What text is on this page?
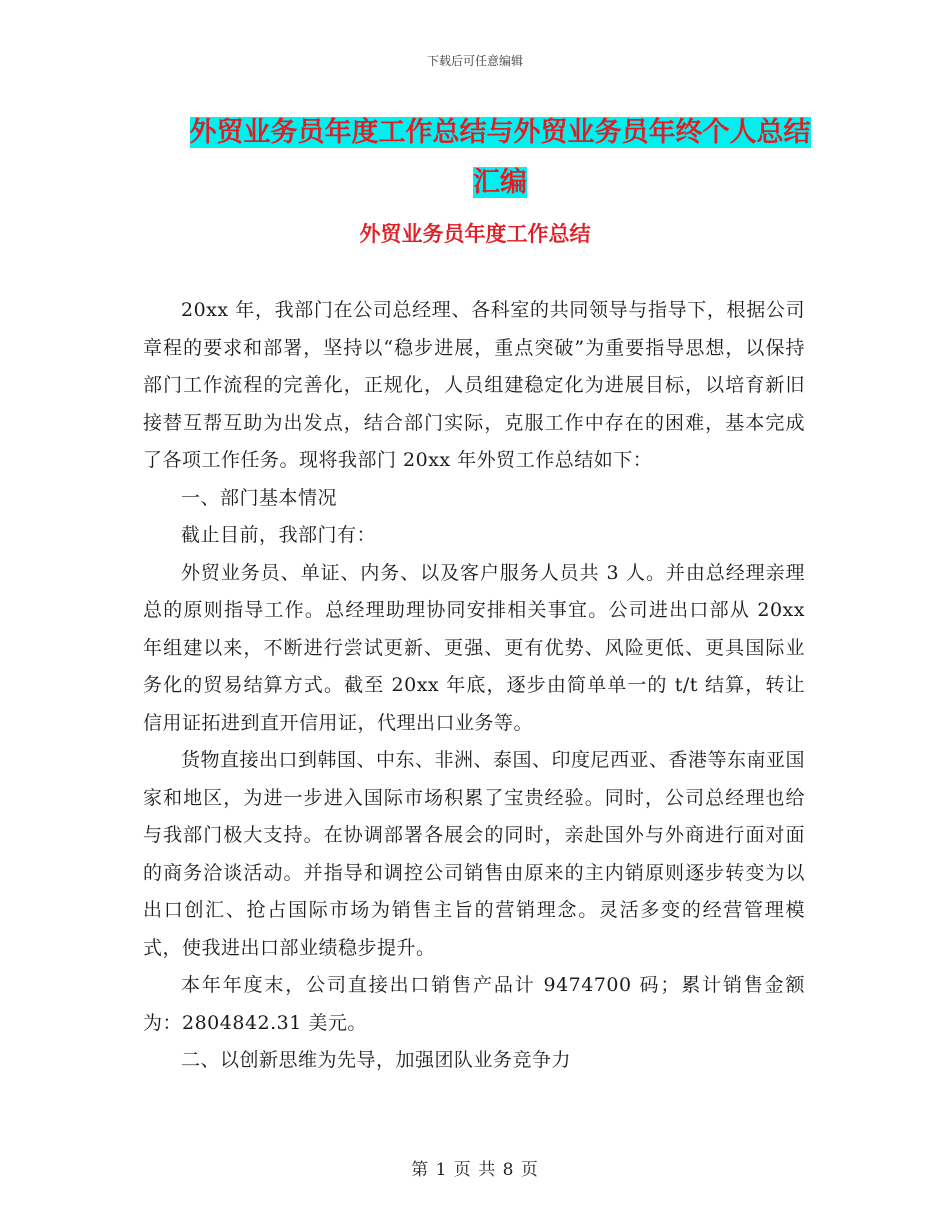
下载后可任意编辑
外贸业务员年度工作总结与外贸业务员年终个人总结
汇编
外贸业务员年度工作总结

20xx 年，我部门在公司总经理、各科室的共同领导与指导下，根据公司章程的要求和部署，坚持以“稳步进展，重点突破”为重要指导思想，以保持部门工作流程的完善化，正规化，人员组建稳定化为进展目标，以培育新旧接替互帮互助为出发点，结合部门实际，克服工作中存在的困难，基本完成了各项工作任务。现将我部门 20xx 年外贸工作总结如下：

一、部门基本情况

截止目前，我部门有：

外贸业务员、单证、内务、以及客户服务人员共 3 人。并由总经理亲理总的原则指导工作。总经理助理协同安排相关事宜。公司进出口部从 20xx 年组建以来，不断进行尝试更新、更强、更有优势、风险更低、更具国际业务化的贸易结算方式。截至 20xx 年底，逐步由简单单一的 t/t 结算，转让信用证拓进到直开信用证，代理出口业务等。

货物直接出口到韩国、中东、非洲、泰国、印度尼西亚、香港等东南亚国家和地区，为进一步进入国际市场积累了宝贵经验。同时，公司总经理也给与我部门极大支持。在协调部署各展会的同时，亲赴国外与外商进行面对面的商务洽谈活动。并指导和调控公司销售由原来的主内销原则逐步转变为以出口创汇、抢占国际市场为销售主旨的营销理念。灵活多变的经营管理模式，使我进出口部业绩稳步提升。

本年年度末，公司直接出口销售产品计 9474700 码；累计销售金额为：2804842.31 美元。

二、以创新思维为先导，加强团队业务竞争力

第 1 页 共 8 页
